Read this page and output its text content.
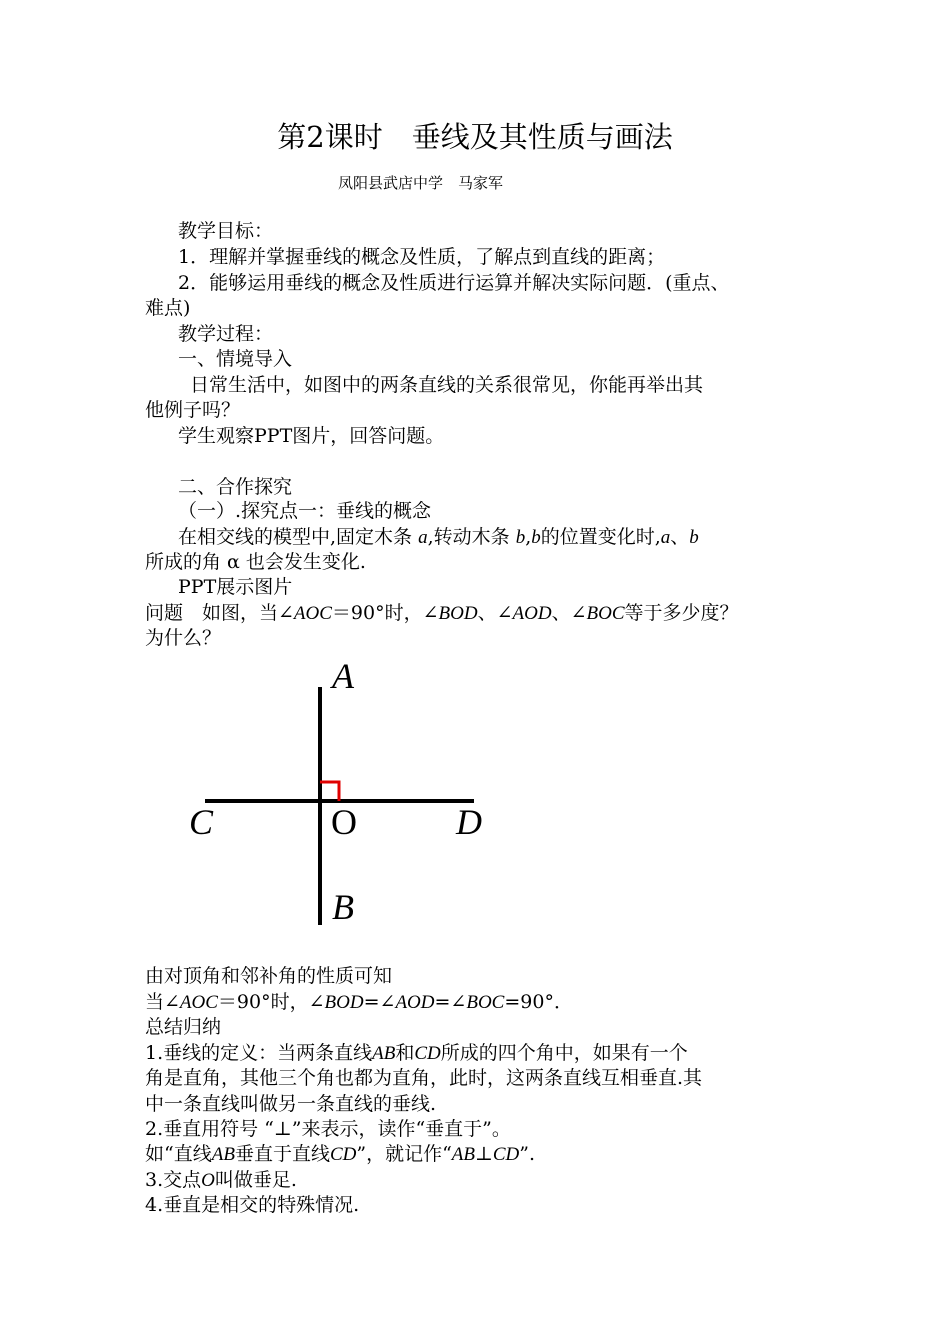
第2课时　垂线及其性质与画法
凤阳县武店中学　马家军
教学目标：
1．理解并掌握垂线的概念及性质，了解点到直线的距离；
2．能够运用垂线的概念及性质进行运算并解决实际问题．(重点、
难点)
教学过程：
一、情境导入
日常生活中，如图中的两条直线的关系很常见，你能再举出其
他例子吗？
学生观察PPT图片，回答问题。
二、合作探究
（一）.探究点一：垂线的概念
在相交线的模型中,固定木条 a,转动木条 b,b的位置变化时,a、b
所成的角 α 也会发生变化.
PPT展示图片
问题　如图，当∠AOC＝90°时，∠BOD、∠AOD、∠BOC等于多少度？
为什么？
A
C	O	D
B
由对顶角和邻补角的性质可知
当∠AOC＝90°时，∠BOD=∠AOD=∠BOC=90°．
总结归纳
1.垂线的定义：当两条直线AB和CD所成的四个角中，如果有一个
角是直角，其他三个角也都为直角，此时，这两条直线互相垂直.其
中一条直线叫做另一条直线的垂线.
2.垂直用符号 “⊥”来表示，读作“垂直于”。
如“直线AB垂直于直线CD”，就记作“AB⊥CD”.
3.交点O叫做垂足.
4.垂直是相交的特殊情况.
